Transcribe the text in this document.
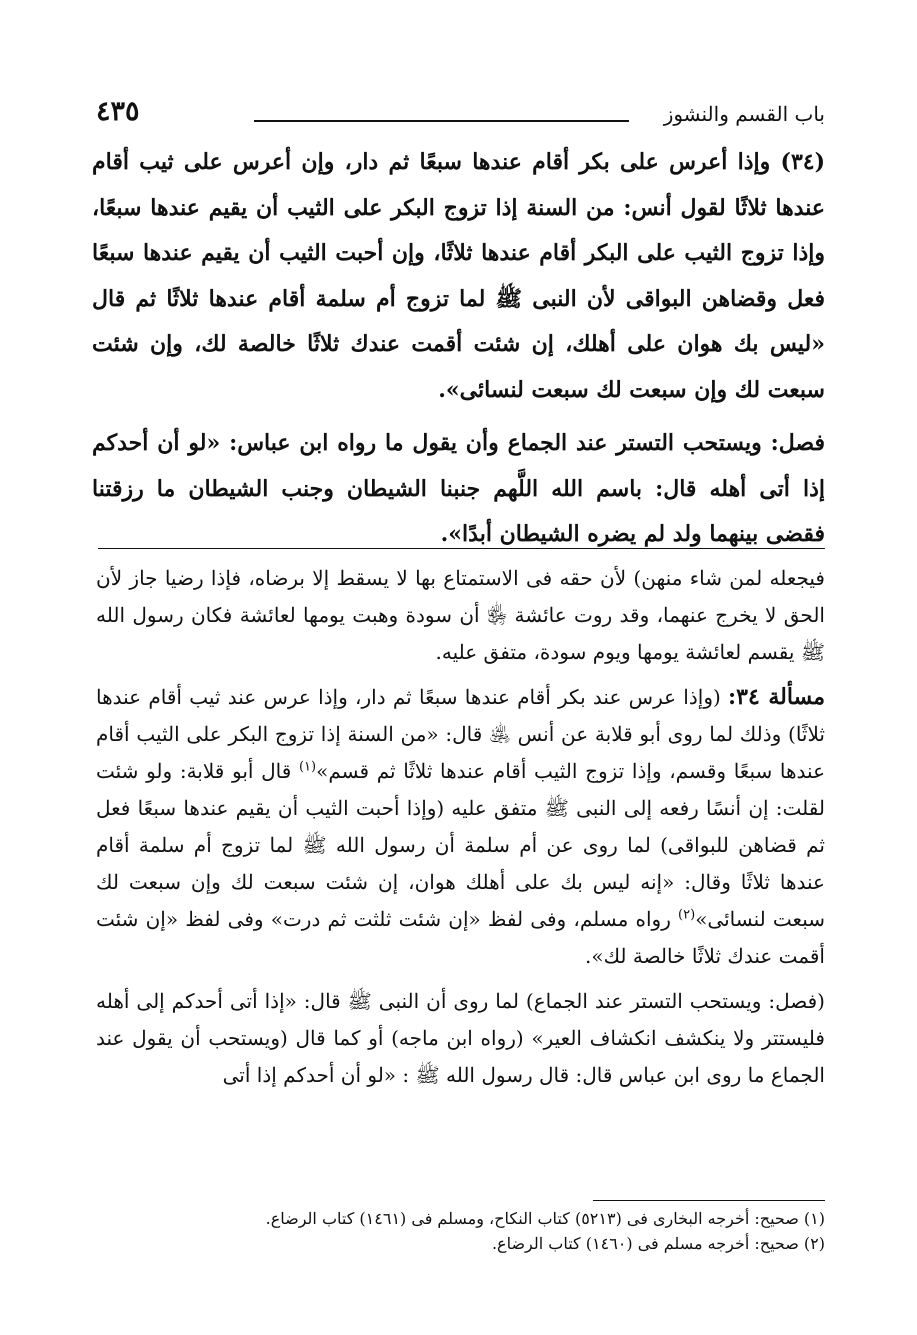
باب القسم والنشوز
٤٣٥

(٣٤) وإذا أعرس على بكر أقام عندها سبعًا ثم دار، وإن أعرس على ثيب أقام عندها ثلاثًا لقول أنس: من السنة إذا تزوج البكر على الثيب أن يقيم عندها سبعًا، وإذا تزوج الثيب على البكر أقام عندها ثلاثًا، وإن أحبت الثيب أن يقيم عندها سبعًا فعل وقضاهن البواقى لأن النبى ﷺ لما تزوج أم سلمة أقام عندها ثلاثًا ثم قال «ليس بك هوان على أهلك، إن شئت أقمت عندك ثلاثًا خالصة لك، وإن شئت سبعت لك وإن سبعت لك سبعت لنسائى».

فصل: ويستحب التستر عند الجماع وأن يقول ما رواه ابن عباس: «لو أن أحدكم إذا أتى أهله قال: باسم الله اللَّهم جنبنا الشيطان وجنب الشيطان ما رزقتنا فقضى بينهما ولد لم يضره الشيطان أبدًا».

فيجعله لمن شاء منهن) لأن حقه فى الاستمتاع بها لا يسقط إلا برضاه، فإذا رضيا جاز لأن الحق لا يخرج عنهما، وقد روت عائشة ﵂ أن سودة وهبت يومها لعائشة فكان رسول الله ﷺ يقسم لعائشة يومها ويوم سودة، متفق عليه.

مسألة ٣٤: (وإذا عرس عند بكر أقام عندها سبعًا ثم دار، وإذا عرس عند ثيب أقام عندها ثلاثًا) وذلك لما روى أبو قلابة عن أنس ﵁ قال: «من السنة إذا تزوج البكر على الثيب أقام عندها سبعًا وقسم، وإذا تزوج الثيب أقام عندها ثلاثًا ثم قسم»$^{(١)}$ قال أبو قلابة: ولو شئت لقلت: إن أنسًا رفعه إلى النبى ﷺ متفق عليه (وإذا أحبت الثيب أن يقيم عندها سبعًا فعل ثم قضاهن للبواقى) لما روى عن أم سلمة أن رسول الله ﷺ لما تزوج أم سلمة أقام عندها ثلاثًا وقال: «إنه ليس بك على أهلك هوان، إن شئت سبعت لك وإن سبعت لك سبعت لنسائى»$^{(٢)}$ رواه مسلم، وفى لفظ «إن شئت ثلثت ثم درت» وفى لفظ «إن شئت أقمت عندك ثلاثًا خالصة لك».

(فصل: ويستحب التستر عند الجماع) لما روى أن النبى ﷺ قال: «إذا أتى أحدكم إلى أهله فليستتر ولا ينكشف انكشاف العير» (رواه ابن ماجه) أو كما قال (ويستحب أن يقول عند الجماع ما روى ابن عباس قال: قال رسول الله ﷺ : «لو أن أحدكم إذا أتى

(١) صحيح: أخرجه البخارى فى (٥٢١٣) كتاب النكاح، ومسلم فى (١٤٦١) كتاب الرضاع.

(٢) صحيح: أخرجه مسلم فى (١٤٦٠) كتاب الرضاع.
